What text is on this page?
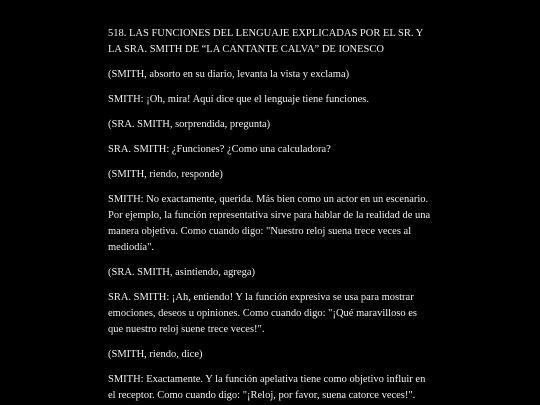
518. LAS FUNCIONES DEL LENGUAJE EXPLICADAS POR EL SR. Y LA SRA. SMITH DE “LA CANTANTE CALVA” DE IONESCO

(SMITH, absorto en su diario, levanta la vista y exclama)

SMITH: ¡Oh, mira! Aquí dice que el lenguaje tiene funciones.

(SRA. SMITH, sorprendida, pregunta)

SRA. SMITH: ¿Funciones? ¿Como una calculadora?

(SMITH, riendo, responde)

SMITH: No exactamente, querida. Más bien como un actor en un escenario. Por ejemplo, la función representativa sirve para hablar de la realidad de una manera objetiva. Como cuando digo: "Nuestro reloj suena trece veces al mediodía".

(SRA. SMITH, asintiendo, agrega)

SRA. SMITH: ¡Ah, entiendo! Y la función expresiva se usa para mostrar emociones, deseos u opiniones. Como cuando digo: "¡Qué maravilloso es que nuestro reloj suene trece veces!".

(SMITH, riendo, dice)

SMITH: Exactamente. Y la función apelativa tiene como objetivo influir en el receptor. Como cuando digo: "¡Reloj, por favor, suena catorce veces!".
